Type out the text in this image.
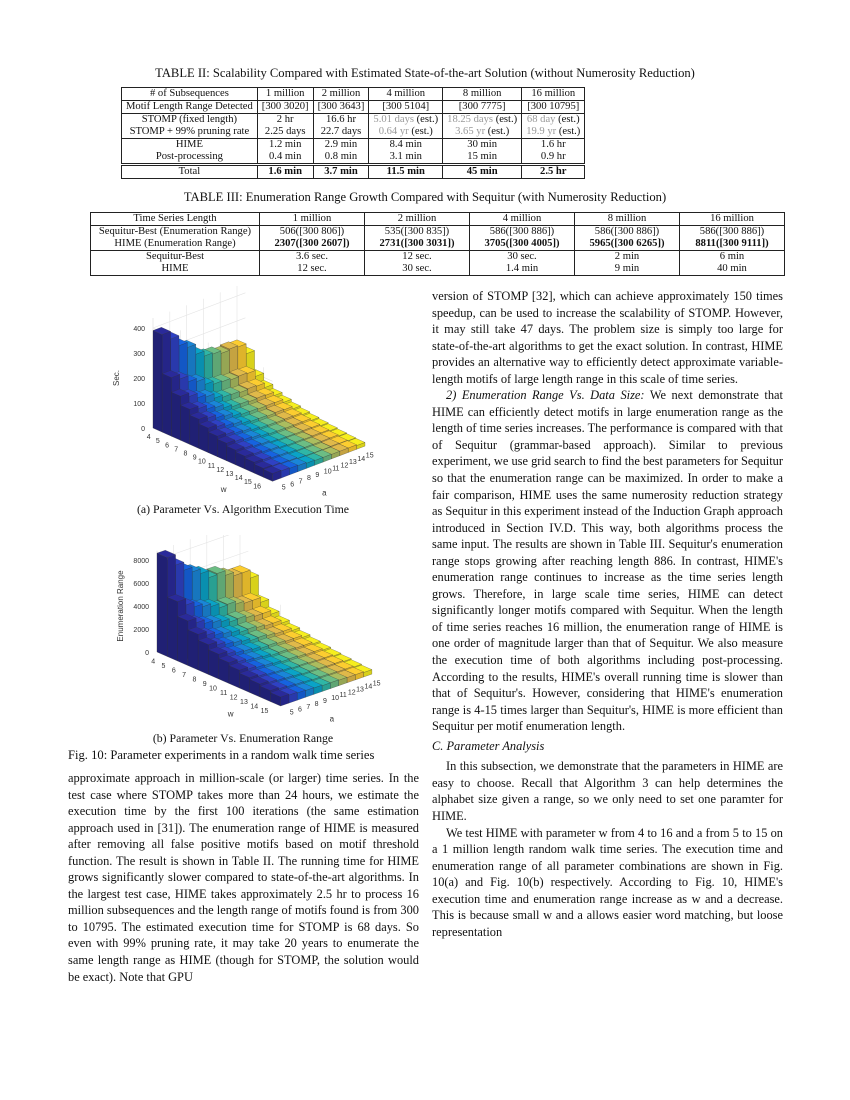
TABLE II: Scalability Compared with Estimated State-of-the-art Solution (without Numerosity Reduction)
# of Subsequences	1 million	2 million	4 million	8 million	16 million
Motif Length Range Detected	[300 3020]	[300 3643]	[300 5104]	[300 7775]	[300 10795]
STOMP (fixed length)	2 hr	16.6 hr	5.01 days (est.)	18.25 days (est.)	68 day (est.)
STOMP + 99% pruning rate	2.25 days	22.7 days	0.64 yr (est.)	3.65 yr (est.)	19.9 yr (est.)
HIME	1.2 min	2.9 min	8.4 min	30 min	1.6 hr
Post-processing	0.4 min	0.8 min	3.1 min	15 min	0.9 hr
Total	1.6 min	3.7 min	11.5 min	45 min	2.5 hr
TABLE III: Enumeration Range Growth Compared with Sequitur (with Numerosity Reduction)
Time Series Length	1 million	2 million	4 million	8 million	16 million
Sequitur-Best (Enumeration Range)	506([300 806])	535([300 835])	586([300 886])	586([300 886])	586([300 886])
HIME (Enumeration Range)	2307([300 2607])	2731([300 3031])	3705([300 4005])	5965([300 6265])	8811([300 9111])
Sequitur-Best	3.6 sec.	12 sec.	30 sec.	2 min	6 min
HIME	12 sec.	30 sec.	1.4 min	9 min	40 min
0
100
200
300
400
4
5
6
7
8
9
10
11
12
13
14
15
16	5 6 7 8 9 10 11 12 13 14 15
w	a
Sec.
(a) Parameter Vs. Algorithm Execution Time
0
2000
4000
6000
8000
4
5
6
7
8
9
10
11
12
13
14
15	5 6 7 8 9 10 11 12 13 14 15
w
a
Enumeration Range
(b) Parameter Vs. Enumeration Range
Fig. 10: Parameter experiments in a random walk time series

approximate approach in million-scale (or larger) time series. In the test case where STOMP takes more than 24 hours, we estimate the execution time by the first 100 iterations (the same estimation approach used in [31]). The enumeration range of HIME is measured after removing all false positive motifs based on motif threshold function. The result is shown in Table II. The running time for HIME grows significantly slower compared to state-of-the-art algorithms. In the largest test case, HIME takes approximately 2.5 hr to process 16 million subsequences and the length range of motifs found is from 300 to 10795. The estimated execution time for STOMP is 68 days. So even with 99% pruning rate, it may take 20 years to enumerate the same length range as HIME (though for STOMP, the solution would be exact). Note that GPU

version of STOMP [32], which can achieve approximately 150 times speedup, can be used to increase the scalability of STOMP. However, it may still take 47 days. The problem size is simply too large for state-of-the-art algorithms to get the exact solution. In contrast, HIME provides an alternative way to efficiently detect approximate variable-length motifs of large length range in this scale of time series.

2) Enumeration Range Vs. Data Size: We next demonstrate that HIME can efficiently detect motifs in large enumeration range as the length of time series increases. The performance is compared with that of Sequitur (grammar-based approach). Similar to previous experiment, we use grid search to find the best parameters for Sequitur so that the enumeration range can be maximized. In order to make a fair comparison, HIME uses the same numerosity reduction strategy as Sequitur in this experiment instead of the Induction Graph approach introduced in Section IV.D. This way, both algorithms process the same input. The results are shown in Table III. Sequitur's enumeration range stops growing after reaching length 886. In contrast, HIME's enumeration range continues to increase as the time series length grows. Therefore, in large scale time series, HIME can detect significantly longer motifs compared with Sequitur. When the length of time series reaches 16 million, the enumeration range of HIME is one order of magnitude larger than that of Sequitur. We also measure the execution time of both algorithms including post-processing. According to the results, HIME's overall running time is slower than that of Sequitur's. However, considering that HIME's enumeration range is 4-15 times larger than Sequitur's, HIME is more efficient than Sequitur per motif enumeration length.

C. Parameter Analysis

In this subsection, we demonstrate that the parameters in HIME are easy to choose. Recall that Algorithm 3 can help determines the alphabet size given a range, so we only need to set one paramter for HIME.

We test HIME with parameter w from 4 to 16 and a from 5 to 15 on a 1 million length random walk time series. The execution time and enumeration range of all parameter combinations are shown in Fig. 10(a) and Fig. 10(b) respectively. According to Fig. 10, HIME's execution time and enumeration range increase as w and a decrease. This is because small w and a allows easier word matching, but loose representation
